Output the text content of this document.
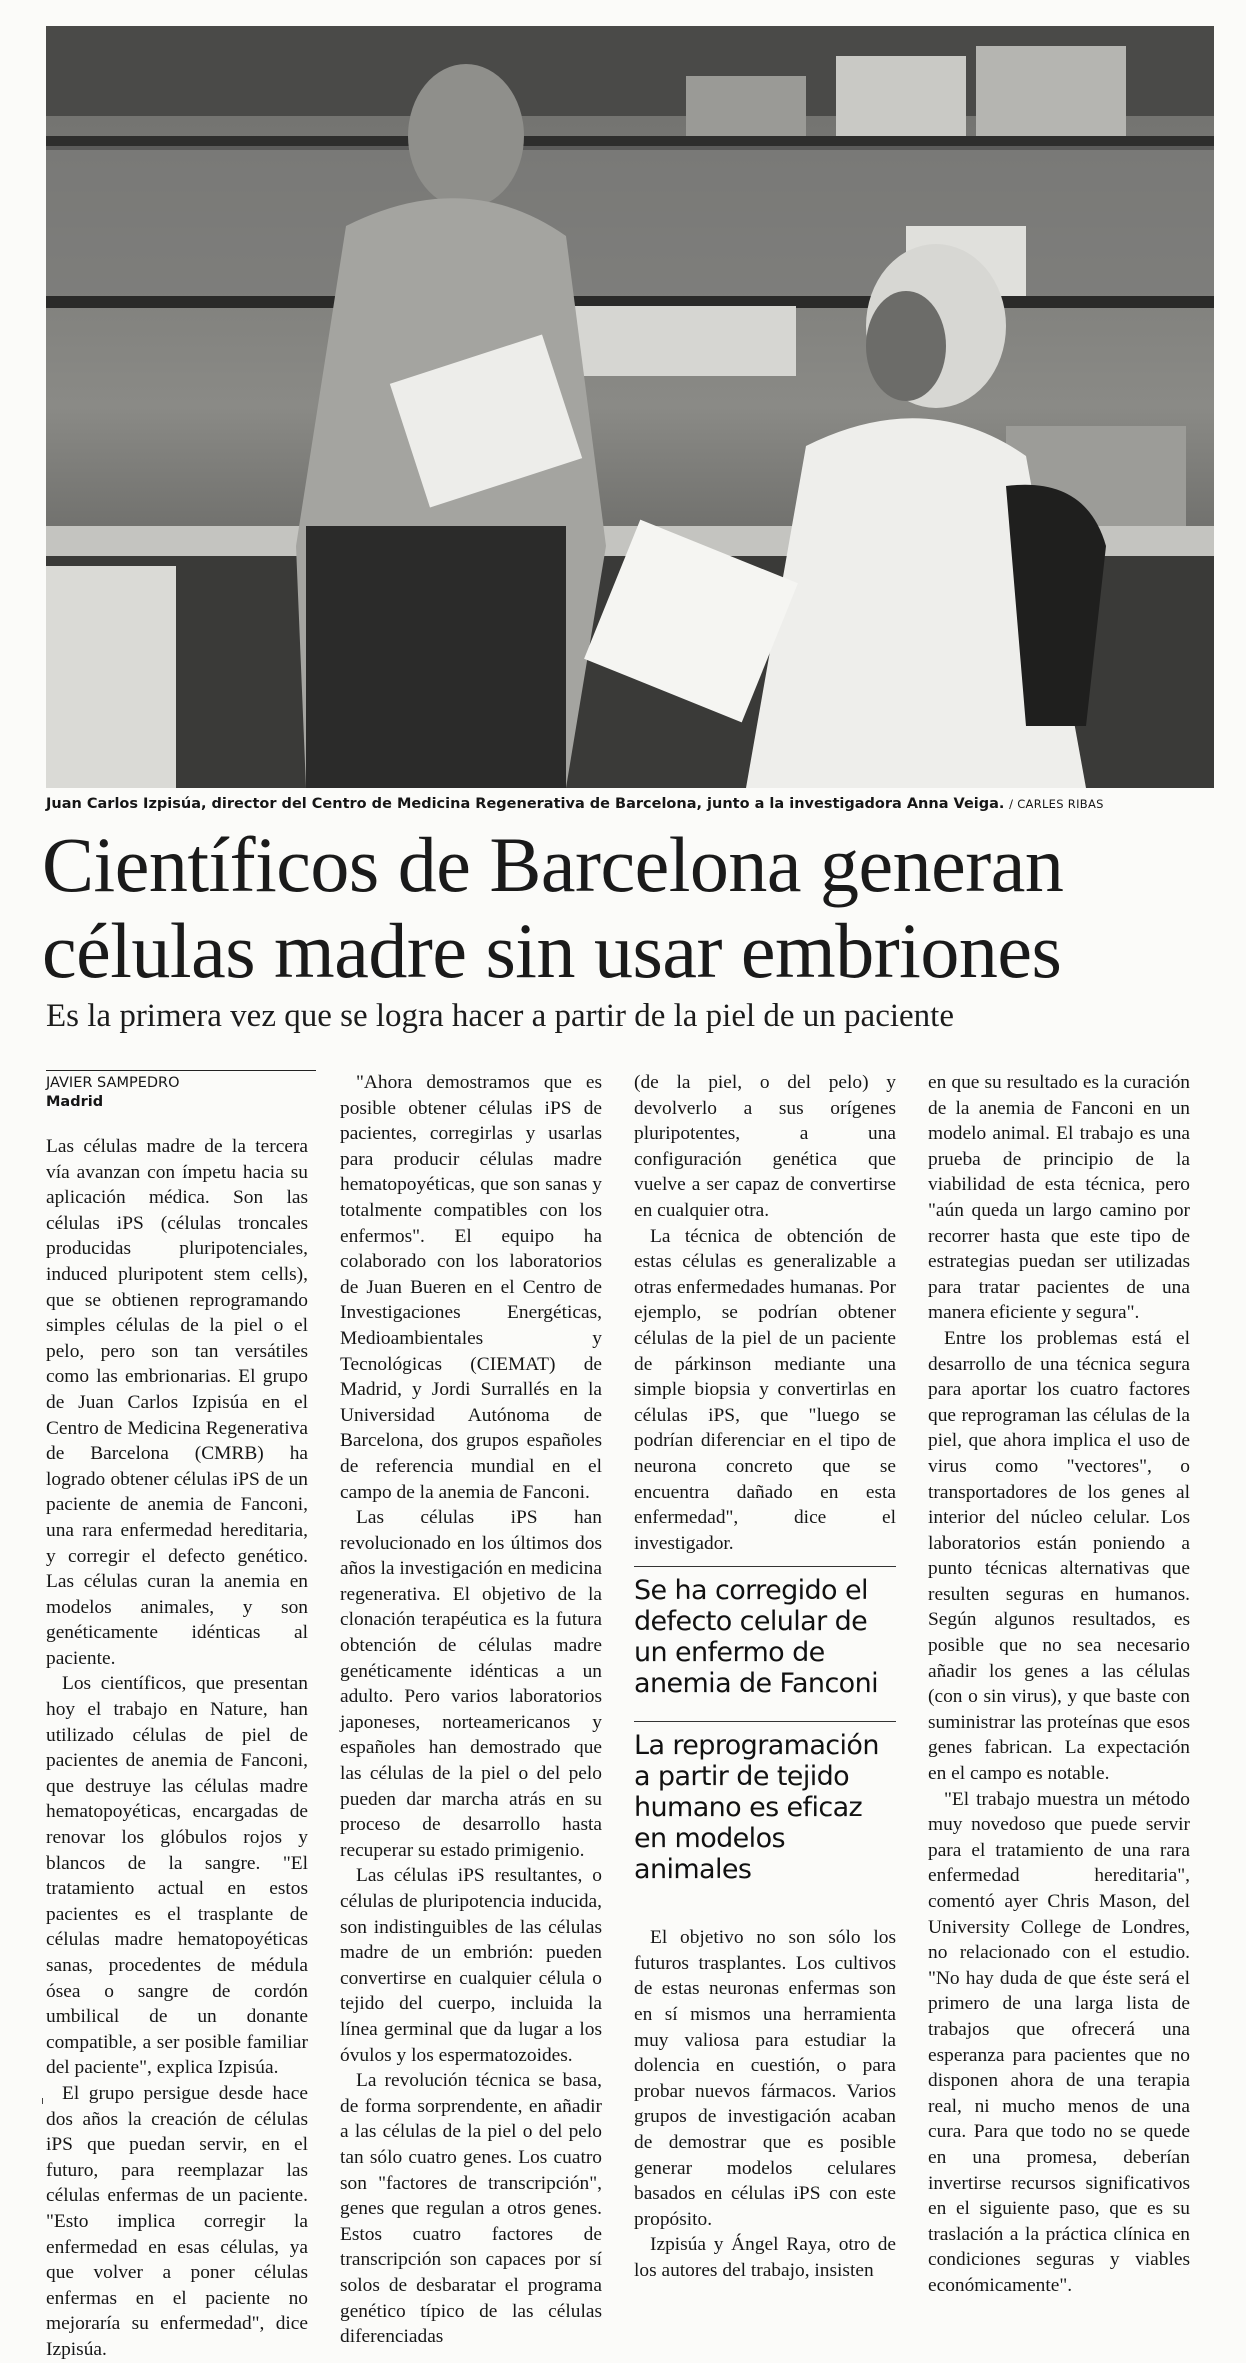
Juan Carlos Izpisúa, director del Centro de Medicina Regenerativa de Barcelona, junto a la investigadora Anna Veiga. / CARLES RIBAS
Científicos de Barcelona generan células madre sin usar embriones
Es la primera vez que se logra hacer a partir de la piel de un paciente
JAVIER SAMPEDRO
Madrid

Las células madre de la tercera vía avanzan con ímpetu hacia su aplicación médica. Son las células iPS (células troncales producidas pluripotenciales, induced pluripotent stem cells), que se obtienen reprogramando simples células de la piel o el pelo, pero son tan versátiles como las embrionarias. El grupo de Juan Carlos Izpisúa en el Centro de Medicina Regenerativa de Barcelona (CMRB) ha logrado obtener células iPS de un paciente de anemia de Fanconi, una rara enfermedad hereditaria, y corregir el defecto genético. Las células curan la anemia en modelos animales, y son genéticamente idénticas al paciente.

Los científicos, que presentan hoy el trabajo en Nature, han utilizado células de piel de pacientes de anemia de Fanconi, que destruye las células madre hematopoyéticas, encargadas de renovar los glóbulos rojos y blancos de la sangre. "El tratamiento actual en estos pacientes es el trasplante de células madre hematopoyéticas sanas, procedentes de médula ósea o sangre de cordón umbilical de un donante compatible, a ser posible familiar del paciente", explica Izpisúa.

El grupo persigue desde hace dos años la creación de células iPS que puedan servir, en el futuro, para reemplazar las células enfermas de un paciente. "Esto implica corregir la enfermedad en esas células, ya que volver a poner células enfermas en el paciente no mejoraría su enfermedad", dice Izpisúa.

"Ahora demostramos que es posible obtener células iPS de pacientes, corregirlas y usarlas para producir células madre hematopoyéticas, que son sanas y totalmente compatibles con los enfermos". El equipo ha colaborado con los laboratorios de Juan Bueren en el Centro de Investigaciones Energéticas, Medioambientales y Tecnológicas (CIEMAT) de Madrid, y Jordi Surrallés en la Universidad Autónoma de Barcelona, dos grupos españoles de referencia mundial en el campo de la anemia de Fanconi.

Las células iPS han revolucionado en los últimos dos años la investigación en medicina regenerativa. El objetivo de la clonación terapéutica es la futura obtención de células madre genéticamente idénticas a un adulto. Pero varios laboratorios japoneses, norteamericanos y españoles han demostrado que las células de la piel o del pelo pueden dar marcha atrás en su proceso de desarrollo hasta recuperar su estado primigenio.

Las células iPS resultantes, o células de pluripotencia inducida, son indistinguibles de las células madre de un embrión: pueden convertirse en cualquier célula o tejido del cuerpo, incluida la línea germinal que da lugar a los óvulos y los espermatozoides.

La revolución técnica se basa, de forma sorprendente, en añadir a las células de la piel o del pelo tan sólo cuatro genes. Los cuatro son "factores de transcripción", genes que regulan a otros genes. Estos cuatro factores de transcripción son capaces por sí solos de desbaratar el programa genético típico de las células diferenciadas

(de la piel, o del pelo) y devolverlo a sus orígenes pluripotentes, a una configuración genética que vuelve a ser capaz de convertirse en cualquier otra.

La técnica de obtención de estas células es generalizable a otras enfermedades humanas. Por ejemplo, se podrían obtener células de la piel de un paciente de párkinson mediante una simple biopsia y convertirlas en células iPS, que "luego se podrían diferenciar en el tipo de neurona concreto que se encuentra dañado en esta enfermedad", dice el investigador.

Se ha corregido el defecto celular de un enfermo de anemia de Fanconi
La reprogramación a partir de tejido humano es eficaz en modelos animales

El objetivo no son sólo los futuros trasplantes. Los cultivos de estas neuronas enfermas son en sí mismos una herramienta muy valiosa para estudiar la dolencia en cuestión, o para probar nuevos fármacos. Varios grupos de investigación acaban de demostrar que es posible generar modelos celulares basados en células iPS con este propósito.

Izpisúa y Ángel Raya, otro de los autores del trabajo, insisten

en que su resultado es la curación de la anemia de Fanconi en un modelo animal. El trabajo es una prueba de principio de la viabilidad de esta técnica, pero "aún queda un largo camino por recorrer hasta que este tipo de estrategias puedan ser utilizadas para tratar pacientes de una manera eficiente y segura".

Entre los problemas está el desarrollo de una técnica segura para aportar los cuatro factores que reprograman las células de la piel, que ahora implica el uso de virus como "vectores", o transportadores de los genes al interior del núcleo celular. Los laboratorios están poniendo a punto técnicas alternativas que resulten seguras en humanos. Según algunos resultados, es posible que no sea necesario añadir los genes a las células (con o sin virus), y que baste con suministrar las proteínas que esos genes fabrican. La expectación en el campo es notable.

"El trabajo muestra un método muy novedoso que puede servir para el tratamiento de una rara enfermedad hereditaria", comentó ayer Chris Mason, del University College de Londres, no relacionado con el estudio. "No hay duda de que éste será el primero de una larga lista de trabajos que ofrecerá una esperanza para pacientes que no disponen ahora de una terapia real, ni mucho menos de una cura. Para que todo no se quede en una promesa, deberían invertirse recursos significativos en el siguiente paso, que es su traslación a la práctica clínica en condiciones seguras y viables económicamente".
